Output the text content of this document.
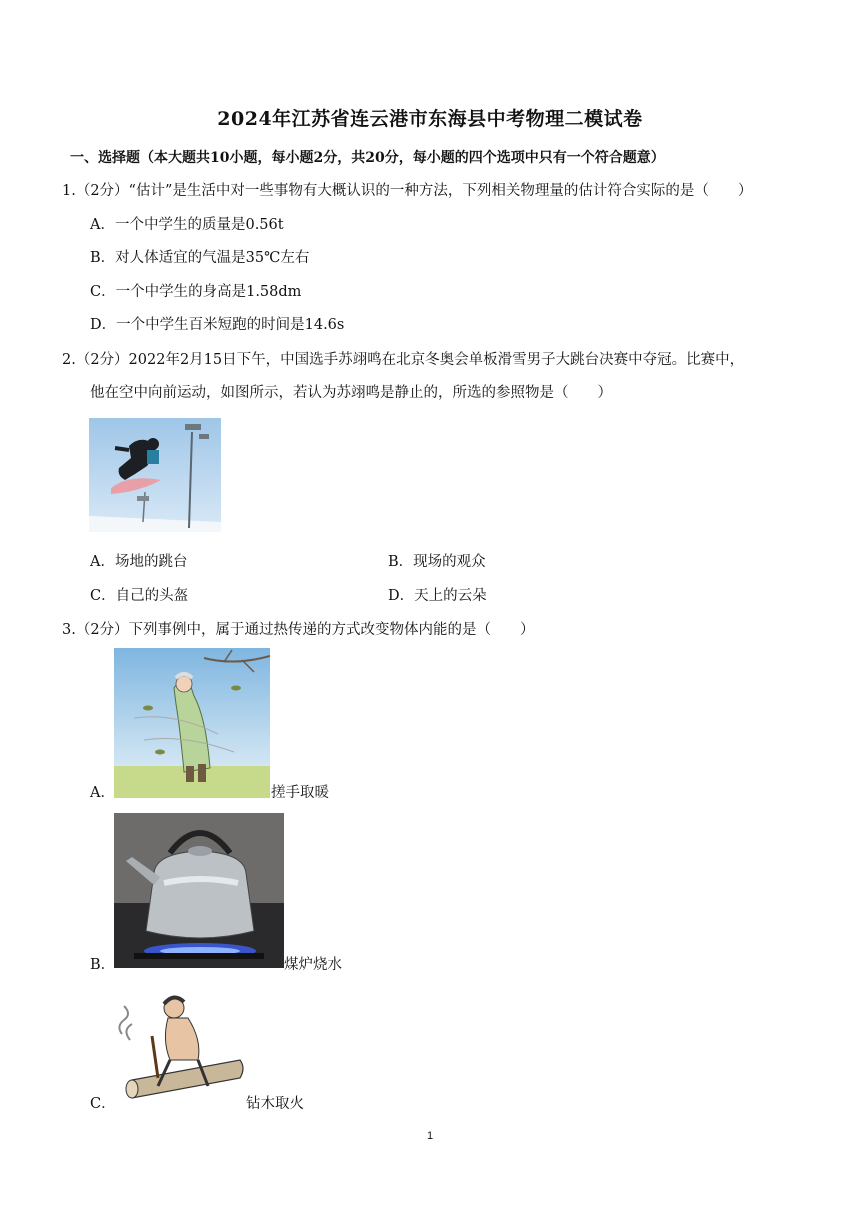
2024年江苏省连云港市东海县中考物理二模试卷
一、选择题（本大题共10小题，每小题2分，共20分，每小题的四个选项中只有一个符合题意）
1.（2分）“估计”是生活中对一些事物有大概认识的一种方法，下列相关物理量的估计符合实际的是（　　）
A．一个中学生的质量是0.56t
B．对人体适宜的气温是35℃左右
C．一个中学生的身高是1.58dm
D．一个中学生百米短跑的时间是14.6s
2.（2分）2022年2月15日下午，中国选手苏翊鸣在北京冬奥会单板滑雪男子大跳台决赛中夺冠。比赛中，
他在空中向前运动，如图所示，若认为苏翊鸣是静止的，所选的参照物是（　　）
A．场地的跳台	B．现场的观众
C．自己的头盔	D．天上的云朵
3.（2分）下列事例中，属于通过热传递的方式改变物体内能的是（　　）
A．	搓手取暖
B．	煤炉烧水
C．	钻木取火
1
